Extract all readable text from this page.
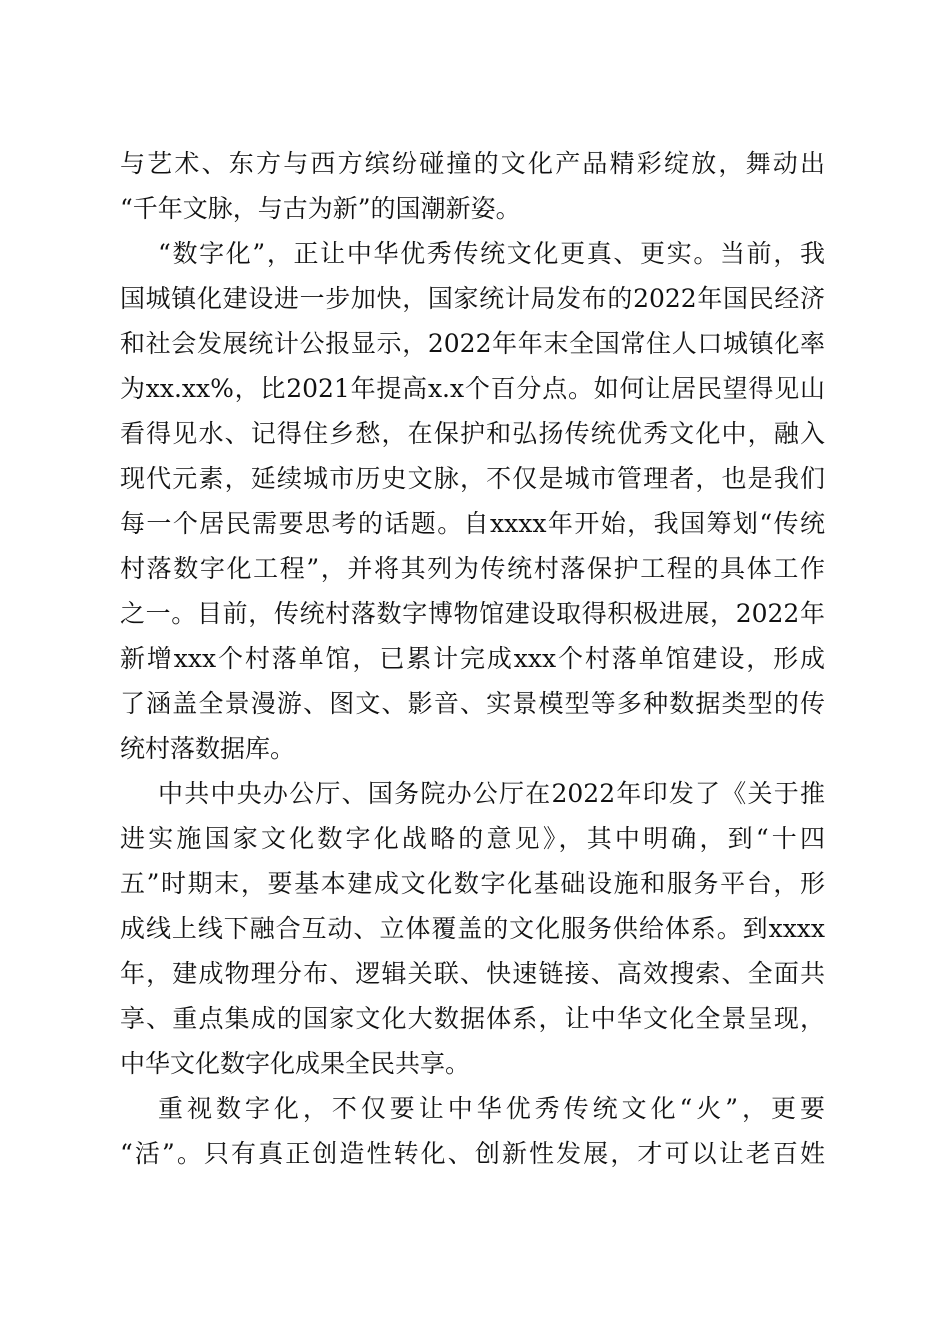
与艺术、东方与西方缤纷碰撞的文化产品精彩绽放，舞动出
“千年文脉，与古为新”的国潮新姿。
“数字化”，正让中华优秀传统文化更真、更实。当前，我
国城镇化建设进一步加快，国家统计局发布的2022年国民经济
和社会发展统计公报显示，2022年年末全国常住人口城镇化率
为xx.xx%，比2021年提高x.x个百分点。如何让居民望得见山
看得见水、记得住乡愁，在保护和弘扬传统优秀文化中，融入
现代元素，延续城市历史文脉，不仅是城市管理者，也是我们
每一个居民需要思考的话题。自xxxx年开始，我国筹划“传统
村落数字化工程”，并将其列为传统村落保护工程的具体工作
之一。目前，传统村落数字博物馆建设取得积极进展，2022年
新增xxx个村落单馆，已累计完成xxx个村落单馆建设，形成
了涵盖全景漫游、图文、影音、实景模型等多种数据类型的传
统村落数据库。
中共中央办公厅、国务院办公厅在2022年印发了《关于推
进实施国家文化数字化战略的意见》，其中明确，到“十四
五”时期末，要基本建成文化数字化基础设施和服务平台，形
成线上线下融合互动、立体覆盖的文化服务供给体系。到xxxx
年，建成物理分布、逻辑关联、快速链接、高效搜索、全面共
享、重点集成的国家文化大数据体系，让中华文化全景呈现，
中华文化数字化成果全民共享。
重视数字化，不仅要让中华优秀传统文化“火”，更要
“活”。只有真正创造性转化、创新性发展，才可以让老百姓
